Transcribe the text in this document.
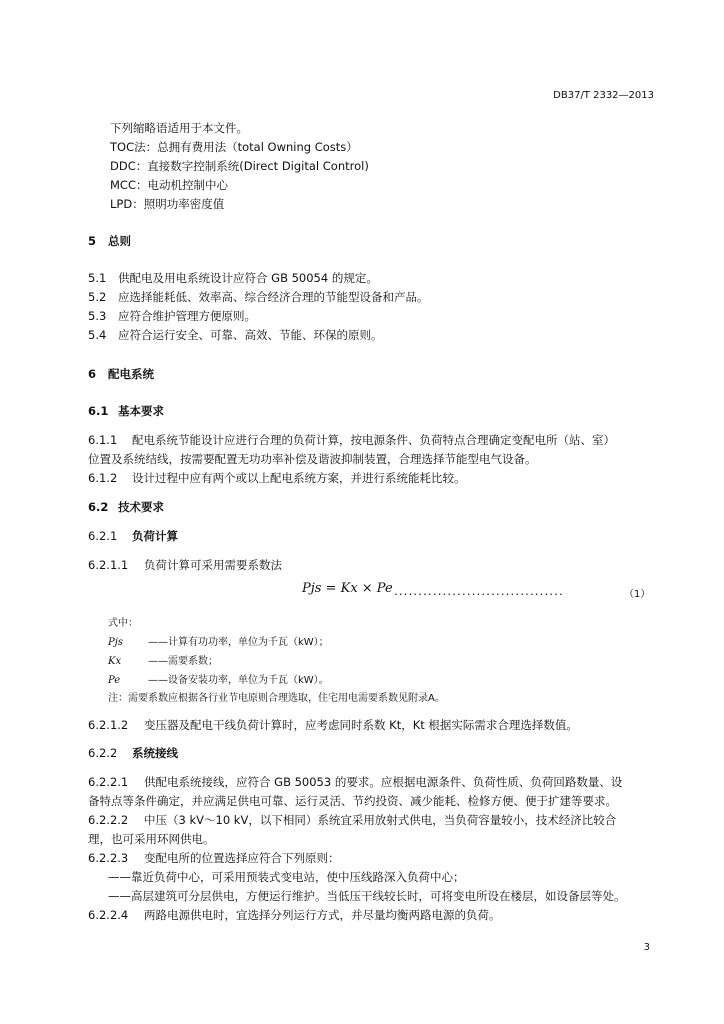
DB37/T 2332—2013
下列缩略语适用于本文件。
TOC法：总拥有费用法（total Owning Costs）
DDC：直接数字控制系统(Direct Digital Control)
MCC：电动机控制中心
LPD：照明功率密度值
5 总则
5.1 供配电及用电系统设计应符合 GB 50054 的规定。
5.2 应选择能耗低、效率高、综合经济合理的节能型设备和产品。
5.3 应符合维护管理方便原则。
5.4 应符合运行安全、可靠、高效、节能、环保的原则。
6 配电系统
6.1 基本要求
6.1.1 配电系统节能设计应进行合理的负荷计算，按电源条件、负荷特点合理确定变配电所（站、室）
位置及系统结线，按需要配置无功功率补偿及谐波抑制装置，合理选择节能型电气设备。
6.1.2 设计过程中应有两个或以上配电系统方案，并进行系统能耗比较。
6.2 技术要求
6.2.1 负荷计算
6.2.1.1 负荷计算可采用需要系数法
Pjs = Kx × Pe ...................................	（1）
式中：
Pjs	——计算有功功率，单位为千瓦（kW）；
Kx	——需要系数；
Pe	——设备安装功率，单位为千瓦（kW）。
注：需要系数应根据各行业节电原则合理选取，住宅用电需要系数见附录A。
6.2.1.2 变压器及配电干线负荷计算时，应考虑同时系数 Kt，Kt 根据实际需求合理选择数值。
6.2.2 系统接线
6.2.2.1 供配电系统接线，应符合 GB 50053 的要求。应根据电源条件、负荷性质、负荷回路数量、设
备特点等条件确定，并应满足供电可靠、运行灵活、节约投资、减少能耗、检修方便、便于扩建等要求。
6.2.2.2 中压（3 kV～10 kV，以下相同）系统宜采用放射式供电，当负荷容量较小，技术经济比较合
理，也可采用环网供电。
6.2.2.3 变配电所的位置选择应符合下列原则：
——靠近负荷中心，可采用预装式变电站，使中压线路深入负荷中心；
——高层建筑可分层供电，方便运行维护。当低压干线较长时，可将变电所设在楼层，如设备层等处。
6.2.2.4 两路电源供电时，宜选择分列运行方式，并尽量均衡两路电源的负荷。
3
